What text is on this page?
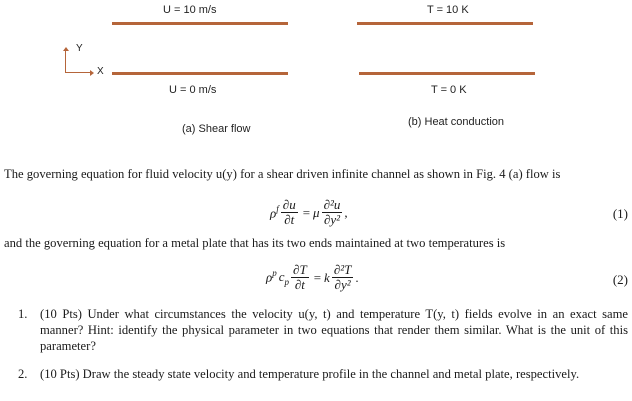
U = 10 m/s
U = 0 m/s
(a) Shear flow
Y
X
T = 10 K
T = 0 K
(b) Heat conduction
The governing equation for fluid velocity u(y) for a shear driven infinite channel as shown in Fig. 4 (a) flow is
$\rho^f \frac{\partial u}{\partial t} = \mu \frac{\text{∂²u}}{\text{∂y²}}$ ,	(1)
and the governing equation for a metal plate that has its two ends maintained at two temperatures is
$\rho^p$ $c_p \frac{\partial T}{\partial t} = k \frac{\text{∂²T}}{\text{∂y²}}$ .	(2)
1. (10 Pts) Under what circumstances the velocity u(y, t) and temperature T(y, t) fields evolve in an exact same manner? Hint: identify the physical parameter in two equations that render them similar. What is the unit of this parameter?
2. (10 Pts) Draw the steady state velocity and temperature profile in the channel and metal plate, respectively.
